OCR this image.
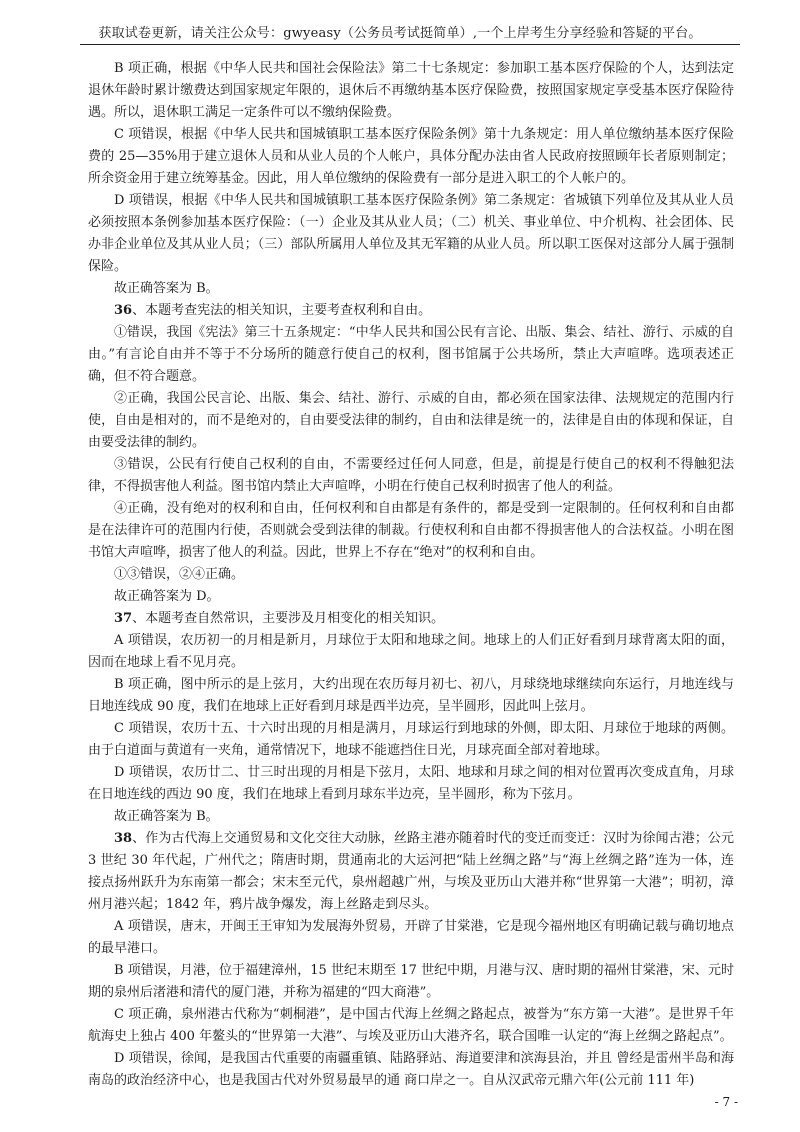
获取试卷更新，请关注公众号：gwyeasy（公务员考试挺简单）,一个上岸考生分享经验和答疑的平台。

B 项正确，根据《中华人民共和国社会保险法》第二十七条规定：参加职工基本医疗保险的个人，达到法定退休年龄时累计缴费达到国家规定年限的，退休后不再缴纳基本医疗保险费，按照国家规定享受基本医疗保险待遇。所以，退休职工满足一定条件可以不缴纳保险费。

C 项错误，根据《中华人民共和国城镇职工基本医疗保险条例》第十九条规定：用人单位缴纳基本医疗保险费的 25—35%用于建立退休人员和从业人员的个人帐户，具体分配办法由省人民政府按照顾年长者原则制定；所余资金用于建立统筹基金。因此，用人单位缴纳的保险费有一部分是进入职工的个人帐户的。

D 项错误，根据《中华人民共和国城镇职工基本医疗保险条例》第二条规定：省城镇下列单位及其从业人员必须按照本条例参加基本医疗保险：（一）企业及其从业人员；（二）机关、事业单位、中介机构、社会团体、民办非企业单位及其从业人员；（三）部队所属用人单位及其无军籍的从业人员。所以职工医保对这部分人属于强制保险。

故正确答案为 B。

36、本题考查宪法的相关知识，主要考查权利和自由。

①错误，我国《宪法》第三十五条规定：“中华人民共和国公民有言论、出版、集会、结社、游行、示威的自由。”有言论自由并不等于不分场所的随意行使自己的权利，图书馆属于公共场所，禁止大声喧哗。选项表述正确，但不符合题意。

②正确，我国公民言论、出版、集会、结社、游行、示威的自由，都必须在国家法律、法规规定的范围内行使，自由是相对的，而不是绝对的，自由要受法律的制约，自由和法律是统一的，法律是自由的体现和保证，自由要受法律的制约。

③错误，公民有行使自己权利的自由，不需要经过任何人同意，但是，前提是行使自己的权利不得触犯法律，不得损害他人利益。图书馆内禁止大声喧哗，小明在行使自己权利时损害了他人的利益。

④正确，没有绝对的权利和自由，任何权利和自由都是有条件的，都是受到一定限制的。任何权利和自由都是在法律许可的范围内行使，否则就会受到法律的制裁。行使权利和自由都不得损害他人的合法权益。小明在图书馆大声喧哗，损害了他人的利益。因此，世界上不存在“绝对”的权利和自由。

①③错误，②④正确。

故正确答案为 D。

37、本题考查自然常识，主要涉及月相变化的相关知识。

A 项错误，农历初一的月相是新月，月球位于太阳和地球之间。地球上的人们正好看到月球背离太阳的面，因而在地球上看不见月亮。

B 项正确，图中所示的是上弦月，大约出现在农历每月初七、初八，月球绕地球继续向东运行，月地连线与日地连线成 90 度，我们在地球上正好看到月球是西半边亮，呈半圆形，因此叫上弦月。

C 项错误，农历十五、十六时出现的月相是满月，月球运行到地球的外侧，即太阳、月球位于地球的两侧。由于白道面与黄道有一夹角，通常情况下，地球不能遮挡住日光，月球亮面全部对着地球。

D 项错误，农历廿二、廿三时出现的月相是下弦月，太阳、地球和月球之间的相对位置再次变成直角，月球在日地连线的西边 90 度，我们在地球上看到月球东半边亮，呈半圆形，称为下弦月。

故正确答案为 B。

38、作为古代海上交通贸易和文化交往大动脉，丝路主港亦随着时代的变迁而变迁：汉时为徐闻古港；公元 3 世纪 30 年代起，广州代之；隋唐时期，贯通南北的大运河把“陆上丝绸之路”与“海上丝绸之路”连为一体，连接点扬州跃升为东南第一都会；宋末至元代，泉州超越广州，与埃及亚历山大港并称“世界第一大港”；明初，漳州月港兴起；1842 年，鸦片战争爆发，海上丝路走到尽头。

A 项错误，唐末，开闽王王审知为发展海外贸易，开辟了甘棠港，它是现今福州地区有明确记载与确切地点的最早港口。

B 项错误，月港，位于福建漳州，15 世纪末期至 17 世纪中期，月港与汉、唐时期的福州甘棠港，宋、元时期的泉州后渚港和清代的厦门港，并称为福建的“四大商港”。

C 项正确，泉州港古代称为“刺桐港”，是中国古代海上丝绸之路起点，被誉为“东方第一大港”。是世界千年航海史上独占 400 年鳌头的“世界第一大港”、与埃及亚历山大港齐名，联合国唯一认定的“海上丝绸之路起点”。

D 项错误，徐闻，是我国古代重要的南疆重镇、陆路驿站、海道要津和滨海县治，并且 曾经是雷州半岛和海南岛的政治经济中心，也是我国古代对外贸易最早的通 商口岸之一。自从汉武帝元鼎六年(公元前 111 年)

- 7 -
